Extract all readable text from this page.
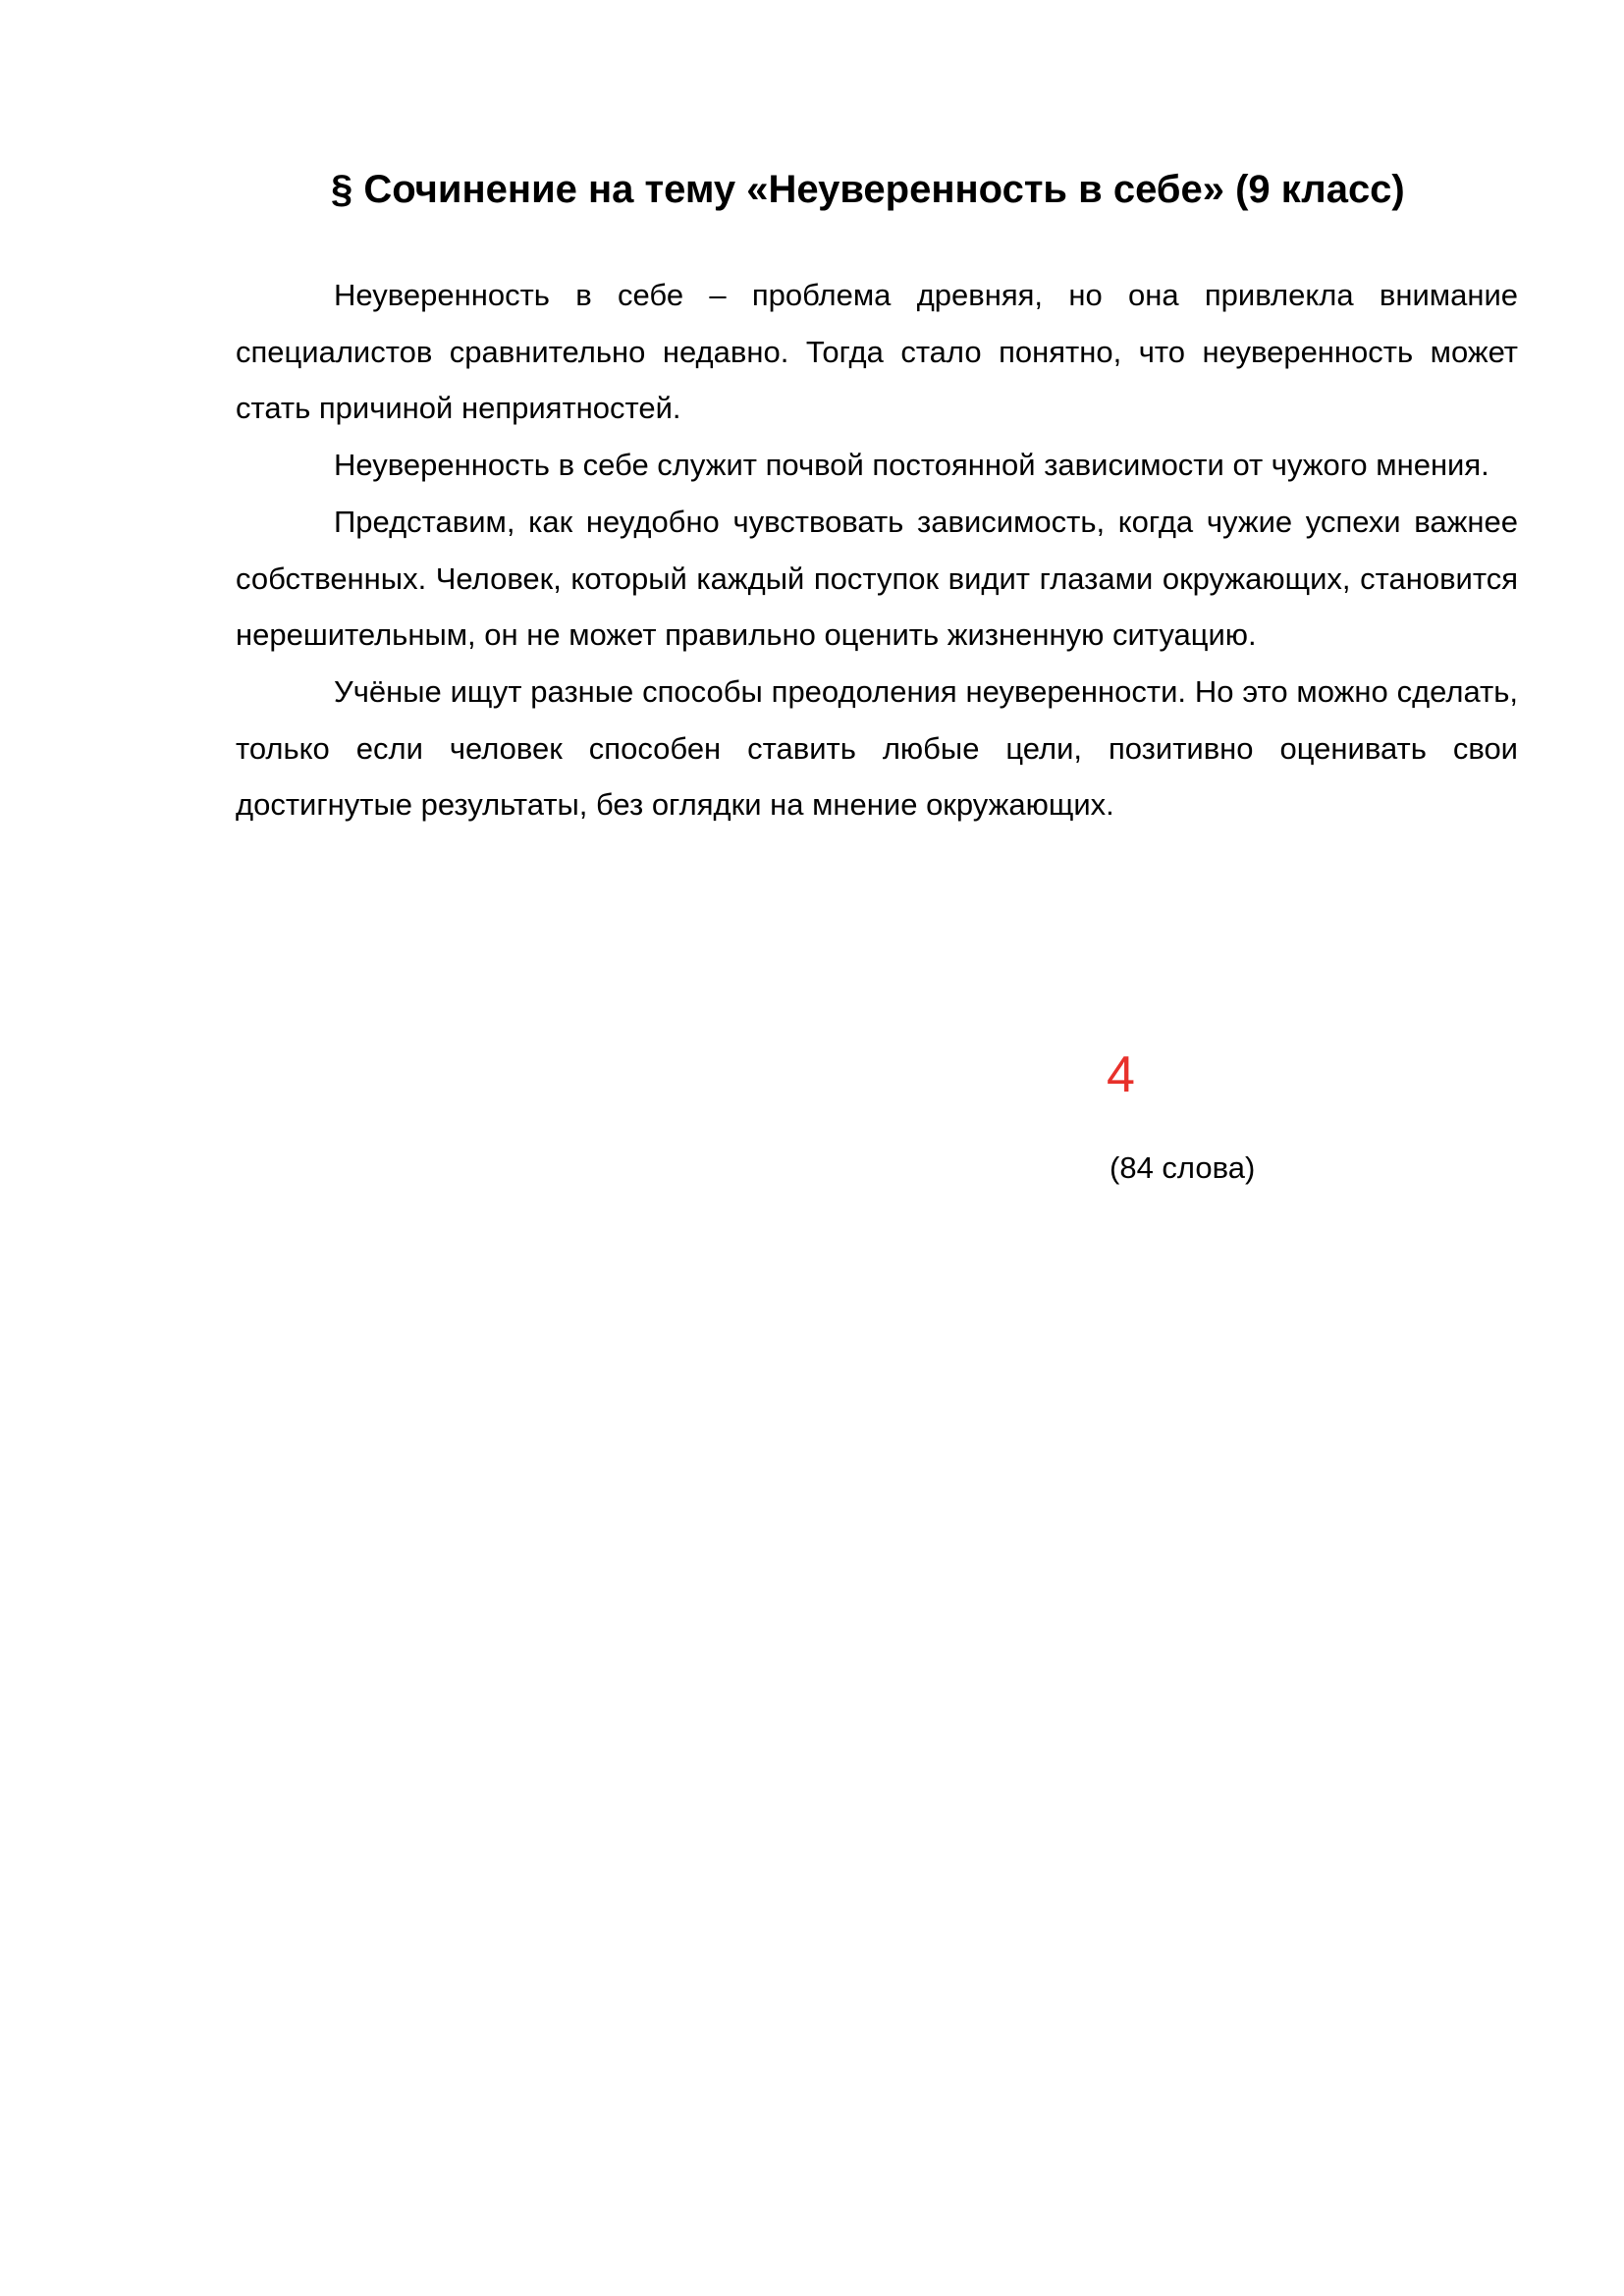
§ Сочинение на тему «Неуверенность в себе» (9 класс)

Неуверенность в себе – проблема древняя, но она привлекла внимание специалистов сравнительно недавно. Тогда стало понятно, что неуверенность может стать причиной неприятностей.

Неуверенность в себе служит почвой постоянной зависимости от чужого мнения.

Представим, как неудобно чувствовать зависимость, когда чужие успехи важнее собственных. Человек, который каждый поступок видит глазами окружающих, становится нерешительным, он не может правильно оценить жизненную ситуацию.

Учёные ищут разные способы преодоления неуверенности. Но это можно сделать, только если человек способен ставить любые цели, позитивно оценивать свои достигнутые результаты, без оглядки на мнение окружающих.

4
(84 слова)
